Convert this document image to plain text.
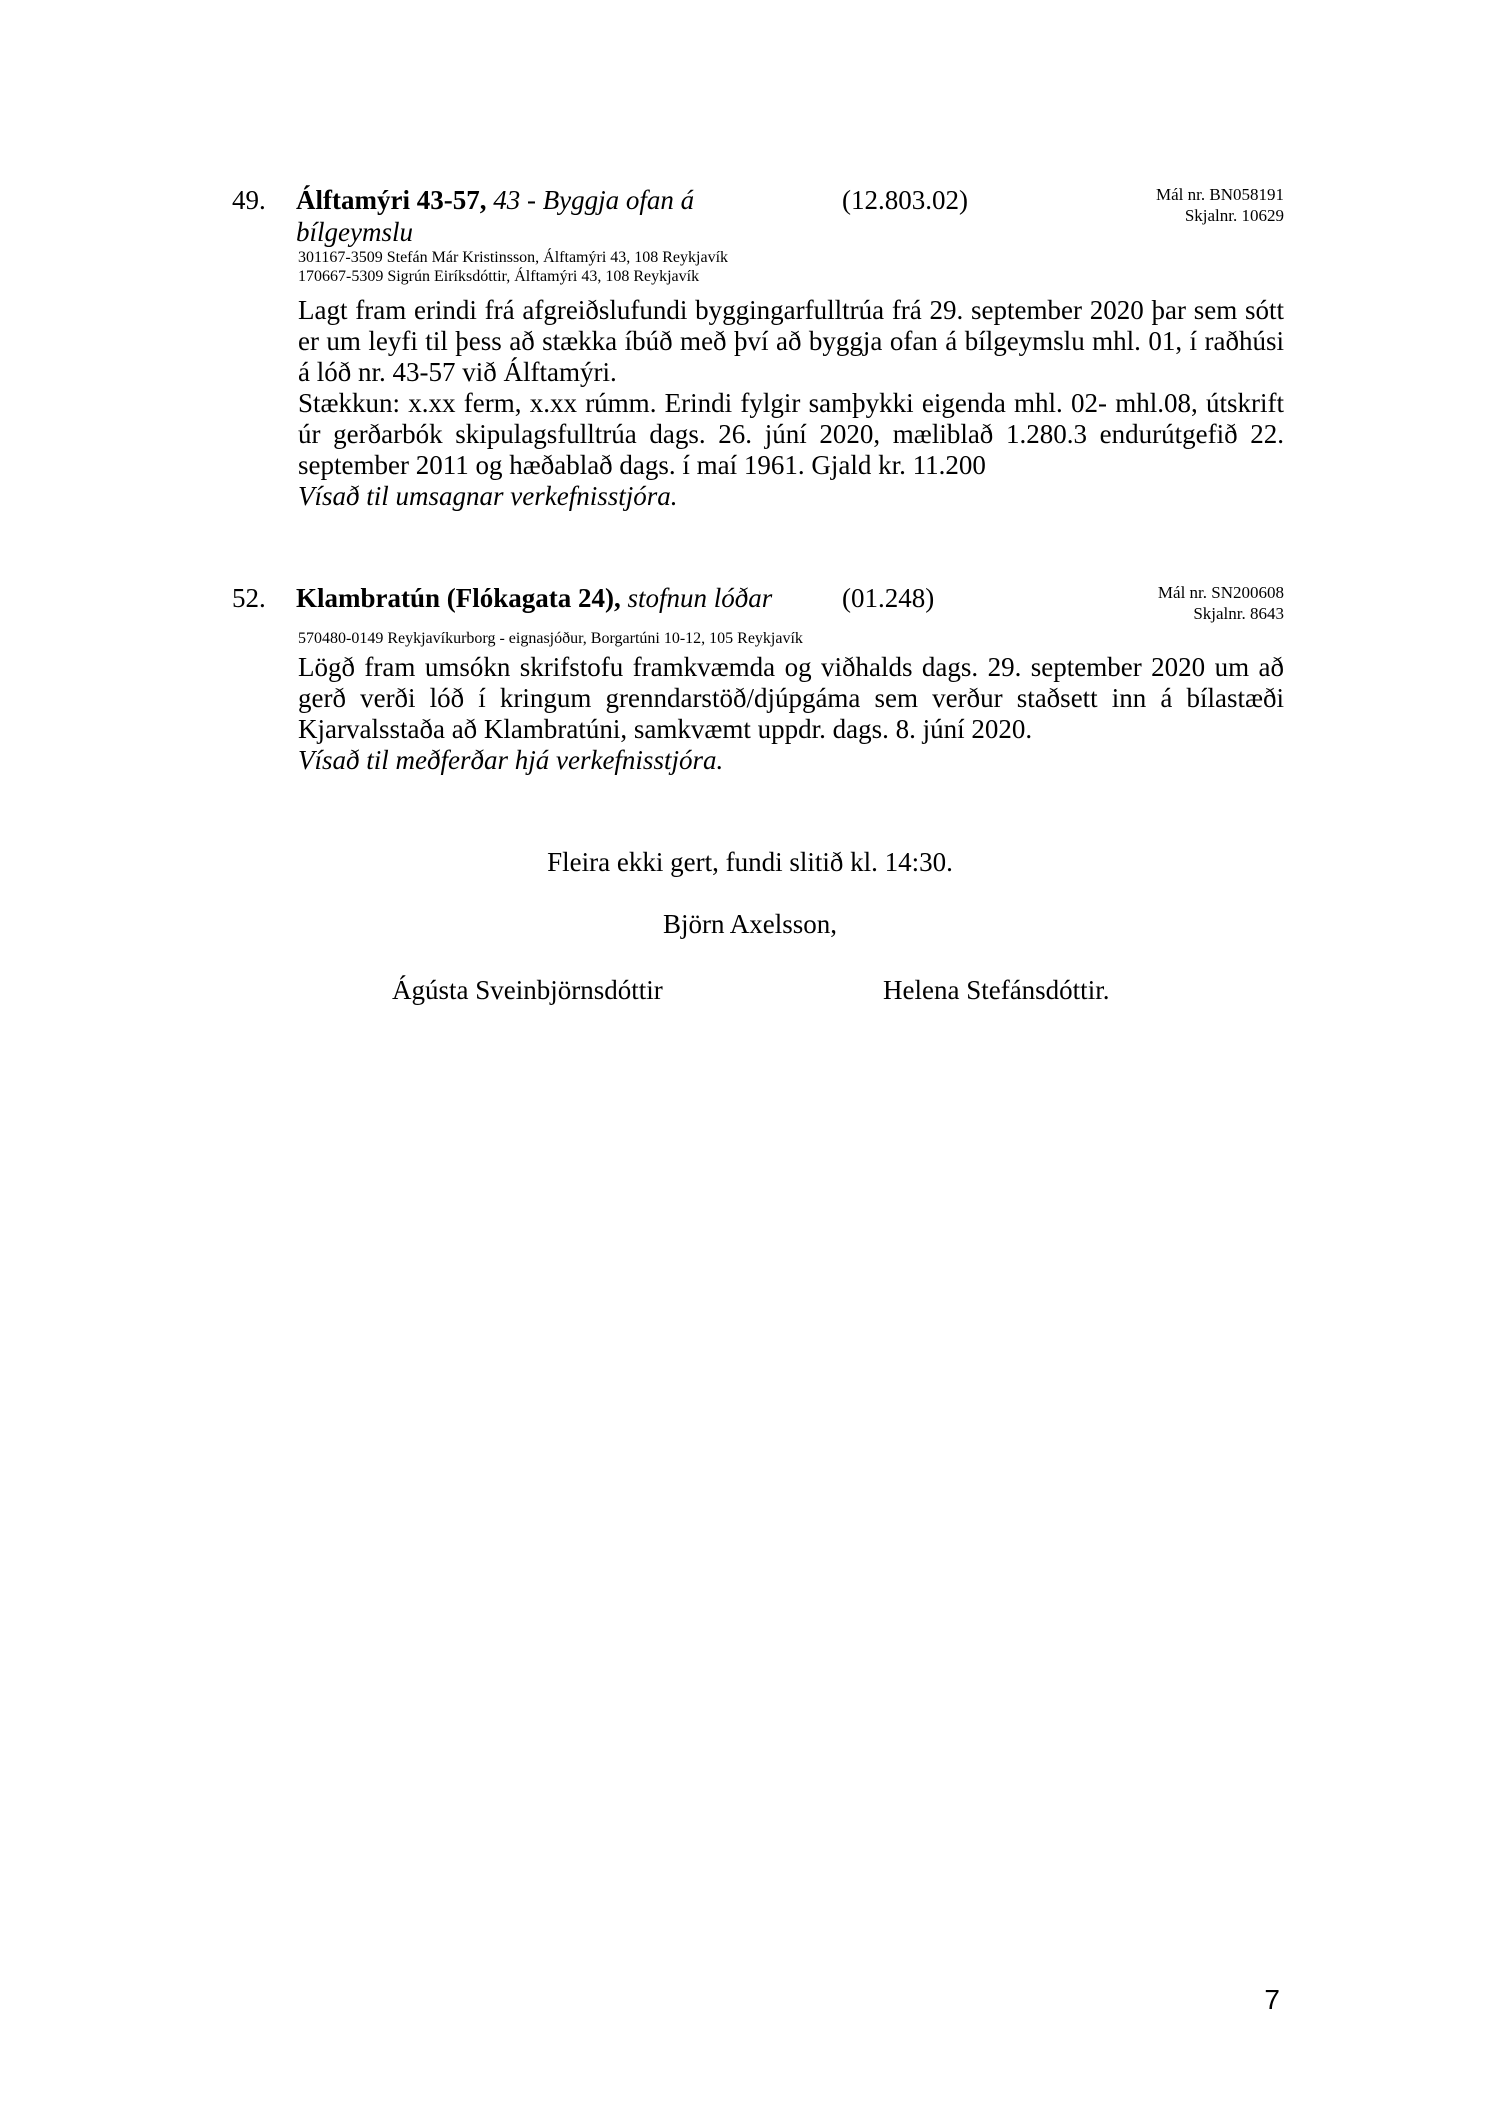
49. Álftamýri 43-57, 43 - Byggja ofan á
bílgeymslu
(12.803.02)	Mál nr. BN058191
Skjalnr. 10629
301167-3509 Stefán Már Kristinsson, Álftamýri 43, 108 Reykjavík
170667-5309 Sigrún Eiríksdóttir, Álftamýri 43, 108 Reykjavík

Lagt fram erindi frá afgreiðslufundi byggingarfulltrúa frá 29. september 2020 þar sem sótt er um leyfi til þess að stækka íbúð með því að byggja ofan á bílgeymslu mhl. 01, í raðhúsi á lóð nr. 43-57 við Álftamýri.

Stækkun: x.xx ferm, x.xx rúmm. Erindi fylgir samþykki eigenda mhl. 02- mhl.08, útskrift úr gerðarbók skipulagsfulltrúa dags. 26. júní 2020, mæliblað 1.280.3 endurútgefið 22. september 2011 og hæðablað dags. í maí 1961. Gjald kr. 11.200

Vísað til umsagnar verkefnisstjóra.

52. Klambratún (Flókagata 24), stofnun lóðar	(01.248)	Mál nr. SN200608
Skjalnr. 8643
570480-0149 Reykjavíkurborg - eignasjóður, Borgartúni 10-12, 105 Reykjavík

Lögð fram umsókn skrifstofu framkvæmda og viðhalds dags. 29. september 2020 um að gerð verði lóð í kringum grenndarstöð/djúpgáma sem verður staðsett inn á bílastæði Kjarvalsstaða að Klambratúni, samkvæmt uppdr. dags. 8. júní 2020.

Vísað til meðferðar hjá verkefnisstjóra.

Fleira ekki gert, fundi slitið kl. 14:30.
Björn Axelsson,
Ágústa Sveinbjörnsdóttir	Helena Stefánsdóttir.
7
